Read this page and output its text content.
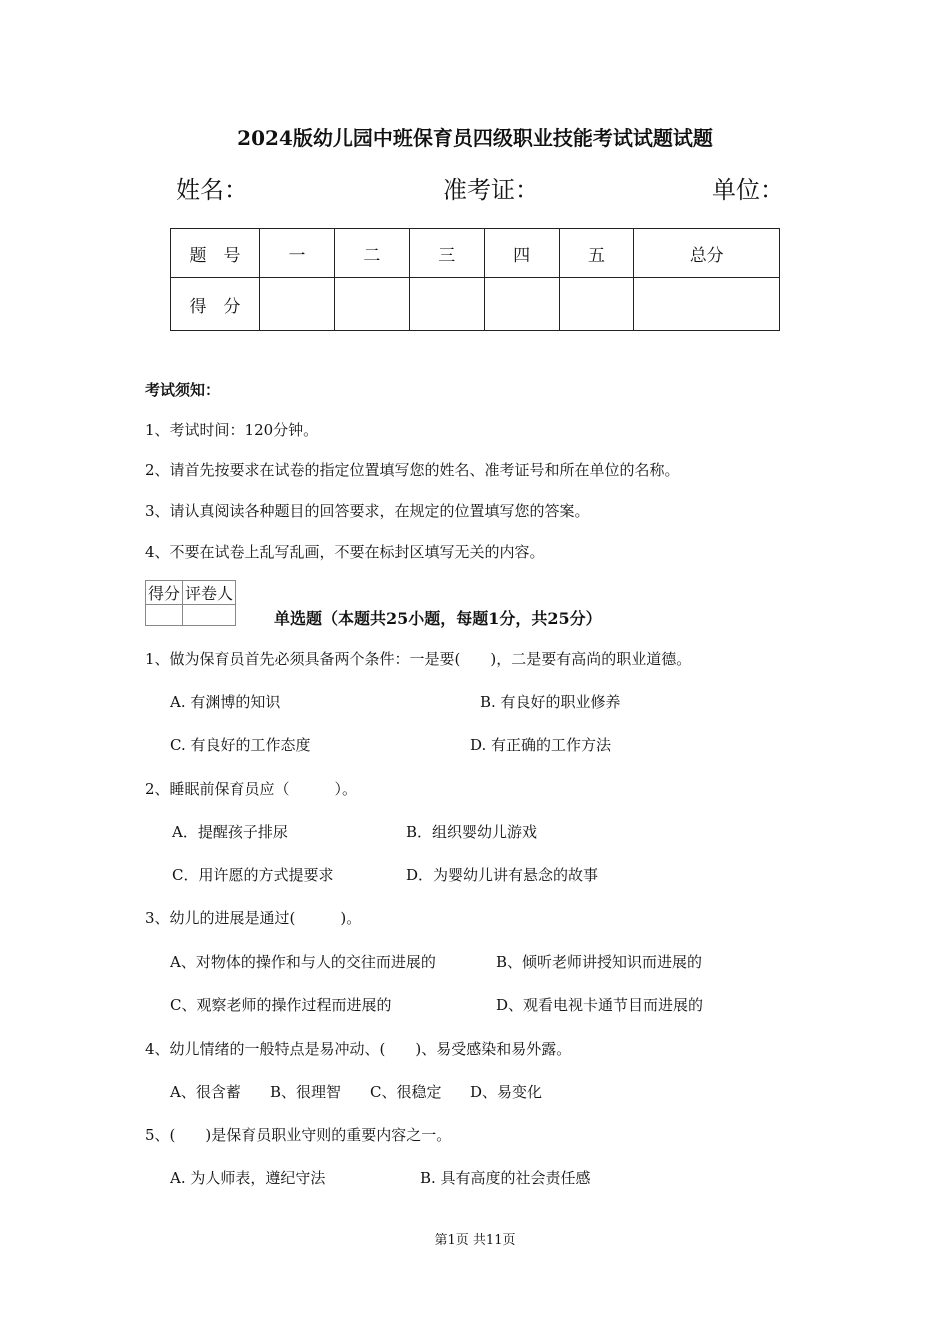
2024版幼儿园中班保育员四级职业技能考试试题试题
姓名：	准考证：	单位：
题　号	一	二	三	四	五	总分
得　分						
考试须知：
1、考试时间：120分钟。
2、请首先按要求在试卷的指定位置填写您的姓名、准考证号和所在单位的名称。
3、请认真阅读各种题目的回答要求，在规定的位置填写您的答案。
4、不要在试卷上乱写乱画，不要在标封区填写无关的内容。
得分	评卷人

单选题（本题共25小题，每题1分，共25分）
1、做为保育员首先必须具备两个条件：一是要(　　)，二是要有高尚的职业道德。
A. 有渊博的知识	B. 有良好的职业修养
C. 有良好的工作态度	D. 有正确的工作方法
2、睡眠前保育员应（　　　）。
A．提醒孩子排尿	B．组织婴幼儿游戏
C．用许愿的方式提要求	D．为婴幼儿讲有悬念的故事
3、幼儿的进展是通过(　　　)。
A、对物体的操作和与人的交往而进展的	B、倾听老师讲授知识而进展的
C、观察老师的操作过程而进展的	D、观看电视卡通节目而进展的
4、幼儿情绪的一般特点是易冲动、(　　)、易受感染和易外露。
A、很含蓄 B、很理智 C、很稳定 D、易变化
5、(　　)是保育员职业守则的重要内容之一。
A. 为人师表，遵纪守法	B. 具有高度的社会责任感
第1页 共11页
